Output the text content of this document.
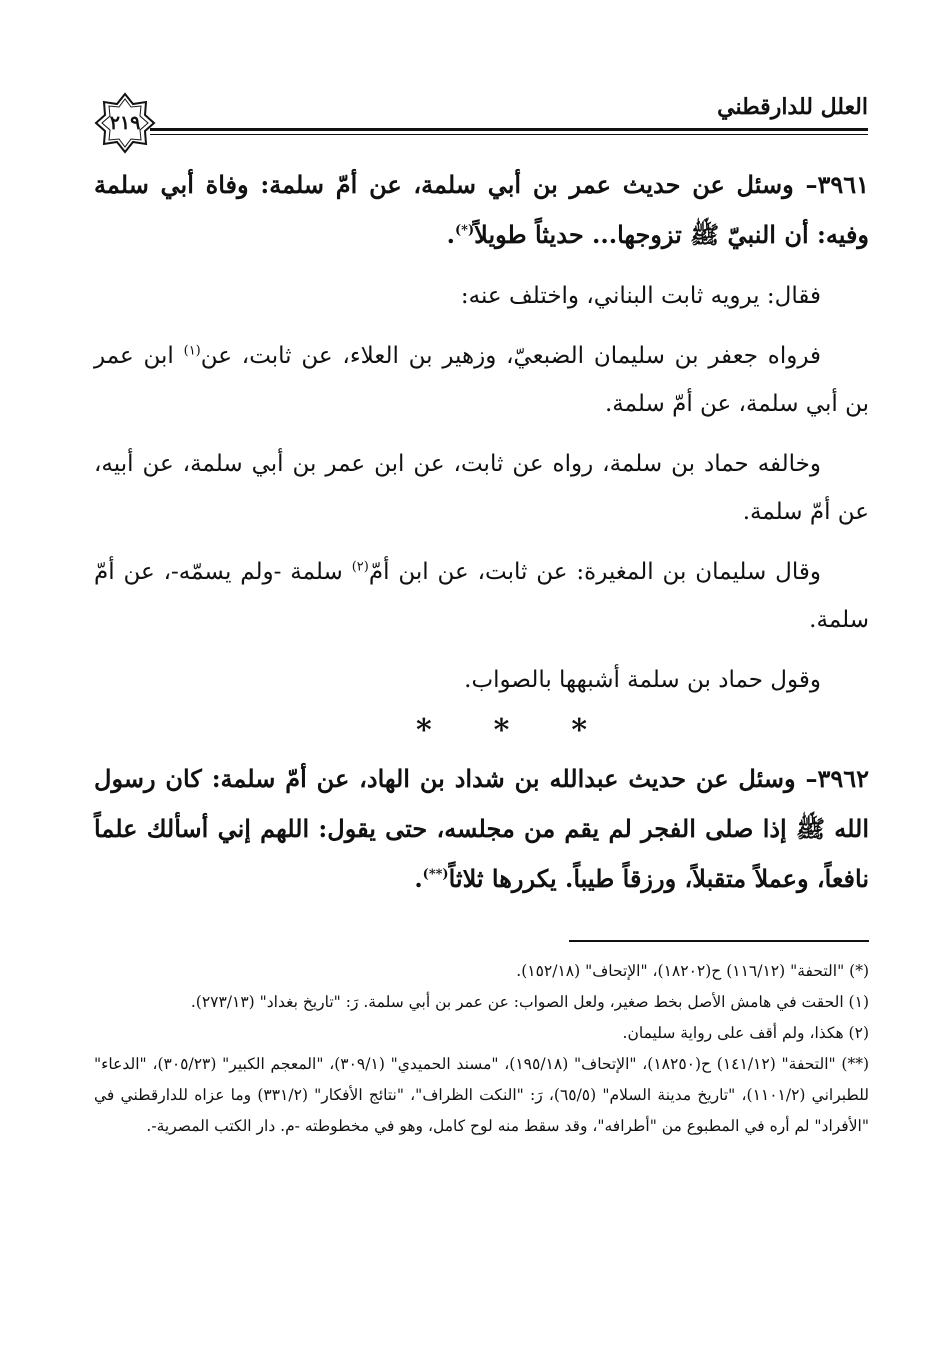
العلل للدارقطني
٢١٩

٣٩٦١– وسئل عن حديث عمر بن أبي سلمة، عن أمّ سلمة: وفاة أبي سلمة وفيه: أن النبيّ ﷺ تزوجها... حديثاً طويلاً(*).

فقال: يرويه ثابت البناني، واختلف عنه:

فرواه جعفر بن سليمان الضبعيّ، وزهير بن العلاء، عن ثابت، عن$^{(١)}$ ابن عمر بن أبي سلمة، عن أمّ سلمة.

وخالفه حماد بن سلمة، رواه عن ثابت، عن ابن عمر بن أبي سلمة، عن أبيه، عن أمّ سلمة.

وقال سليمان بن المغيرة: عن ثابت، عن ابن أمّ$^{(٢)}$ سلمة -ولم يسمّه-، عن أمّ سلمة.

وقول حماد بن سلمة أشبهها بالصواب.

*
*
*

٣٩٦٢– وسئل عن حديث عبدالله بن شداد بن الهاد، عن أمّ سلمة: كان رسول الله ﷺ إذا صلى الفجر لم يقم من مجلسه، حتى يقول: اللهم إني أسألك علماً نافعاً، وعملاً متقبلاً، ورزقاً طيباً. يكررها ثلاثاً(**).

(*) "التحفة" (١١٦/١٢) ح(١٨٢٠٢)، "الإتحاف" (١٥٢/١٨).

(١) الحقت في هامش الأصل بخط صغير، ولعل الصواب: عن عمر بن أبي سلمة. رَ: "تاريخ بغداد" (٢٧٣/١٣).

(٢) هكذا، ولم أقف على رواية سليمان.

(**) "التحفة" (١٤١/١٢) ح(١٨٢٥٠)، "الإتحاف" (١٩٥/١٨)، "مسند الحميدي" (٣٠٩/١)، "المعجم الكبير" (٣٠٥/٢٣)، "الدعاء" للطبراني (١١٠١/٢)، "تاريخ مدينة السلام" (٦٥/٥)، رَ: "النكت الظراف"، "نتائج الأفكار" (٣٣١/٢) وما عزاه للدارقطني في "الأفراد" لم أره في المطبوع من "أطرافه"، وقد سقط منه لوح كامل، وهو في مخطوطته -م. دار الكتب المصرية-.
